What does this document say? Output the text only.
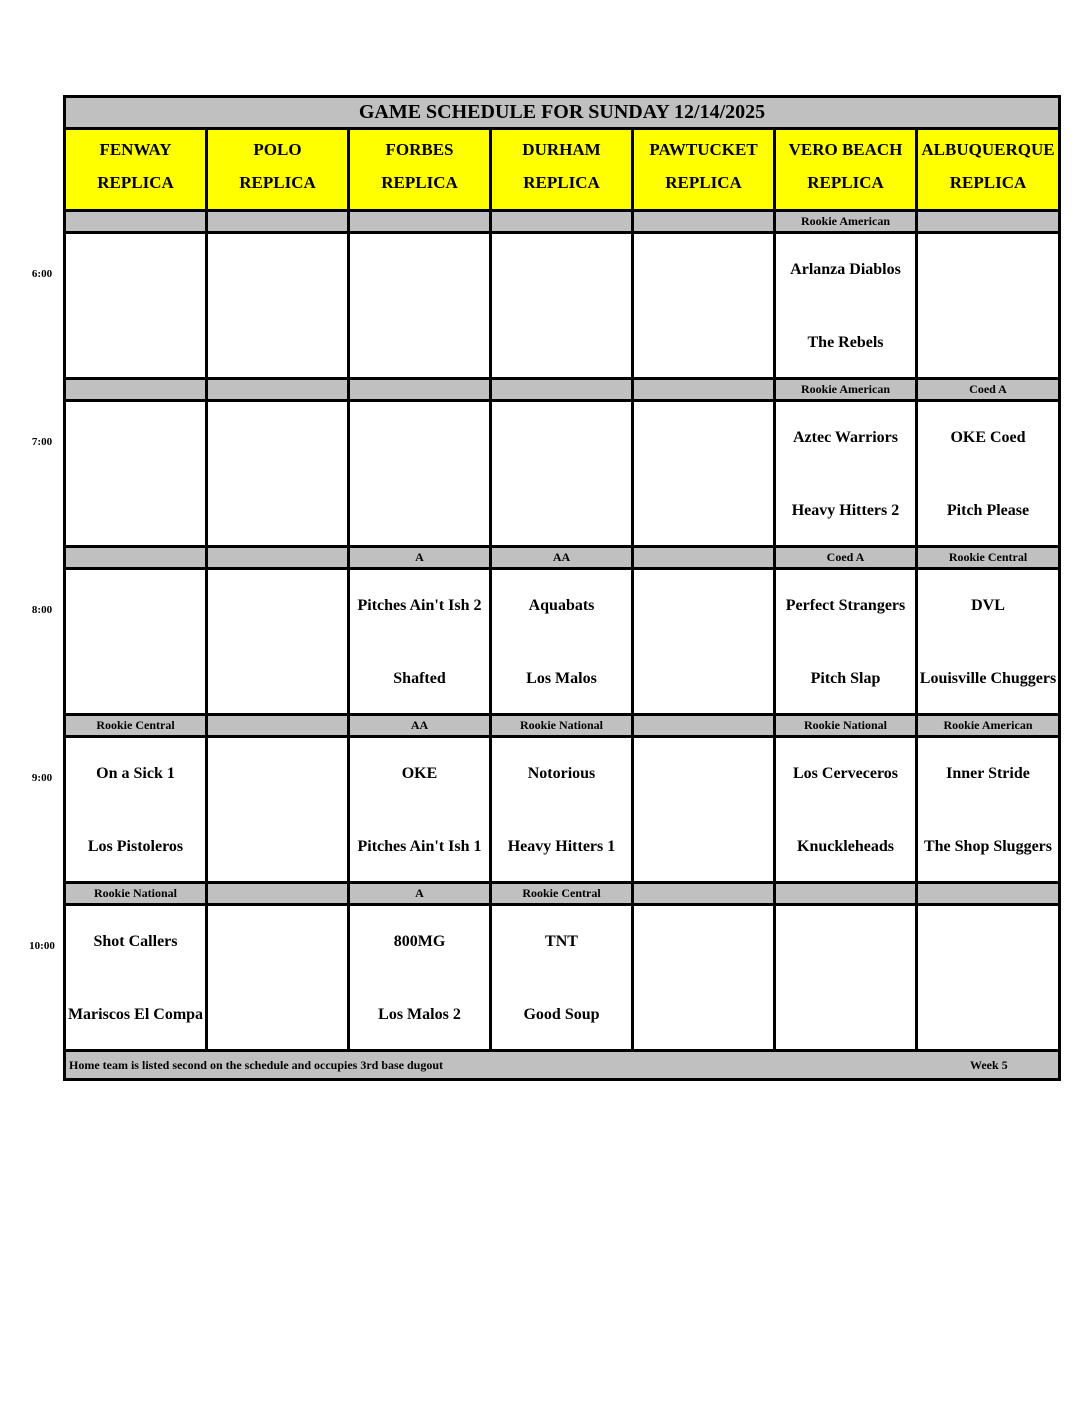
6:00
7:00
8:00
9:00
10:00
GAME SCHEDULE FOR SUNDAY 12/14/2025
FENWAY
REPLICA
POLO
REPLICA
FORBES
REPLICA
DURHAM
REPLICA
PAWTUCKET
REPLICA
VERO BEACH
REPLICA
ALBUQUERQUE
REPLICA
Rookie American
Arlanza Diablos
The Rebels
Rookie American
Aztec Warriors
Heavy Hitters 2
Coed A
OKE Coed
Pitch Please
A
Pitches Ain't Ish 2
Shafted
AA
Aquabats
Los Malos
Coed A
Perfect Strangers
Pitch Slap
Rookie Central
DVL
Louisville Chuggers
Rookie Central
On a Sick 1
Los Pistoleros
AA
OKE
Pitches Ain't Ish 1
Rookie National
Notorious
Heavy Hitters 1
Rookie National
Los Cerveceros
Knuckleheads
Rookie American
Inner Stride
The Shop Sluggers
Rookie National
Shot Callers
Mariscos El Compa
A
800MG
Los Malos 2
Rookie Central
TNT
Good Soup
Home team is listed second on the schedule and occupies 3rd base dugout	Week 5
